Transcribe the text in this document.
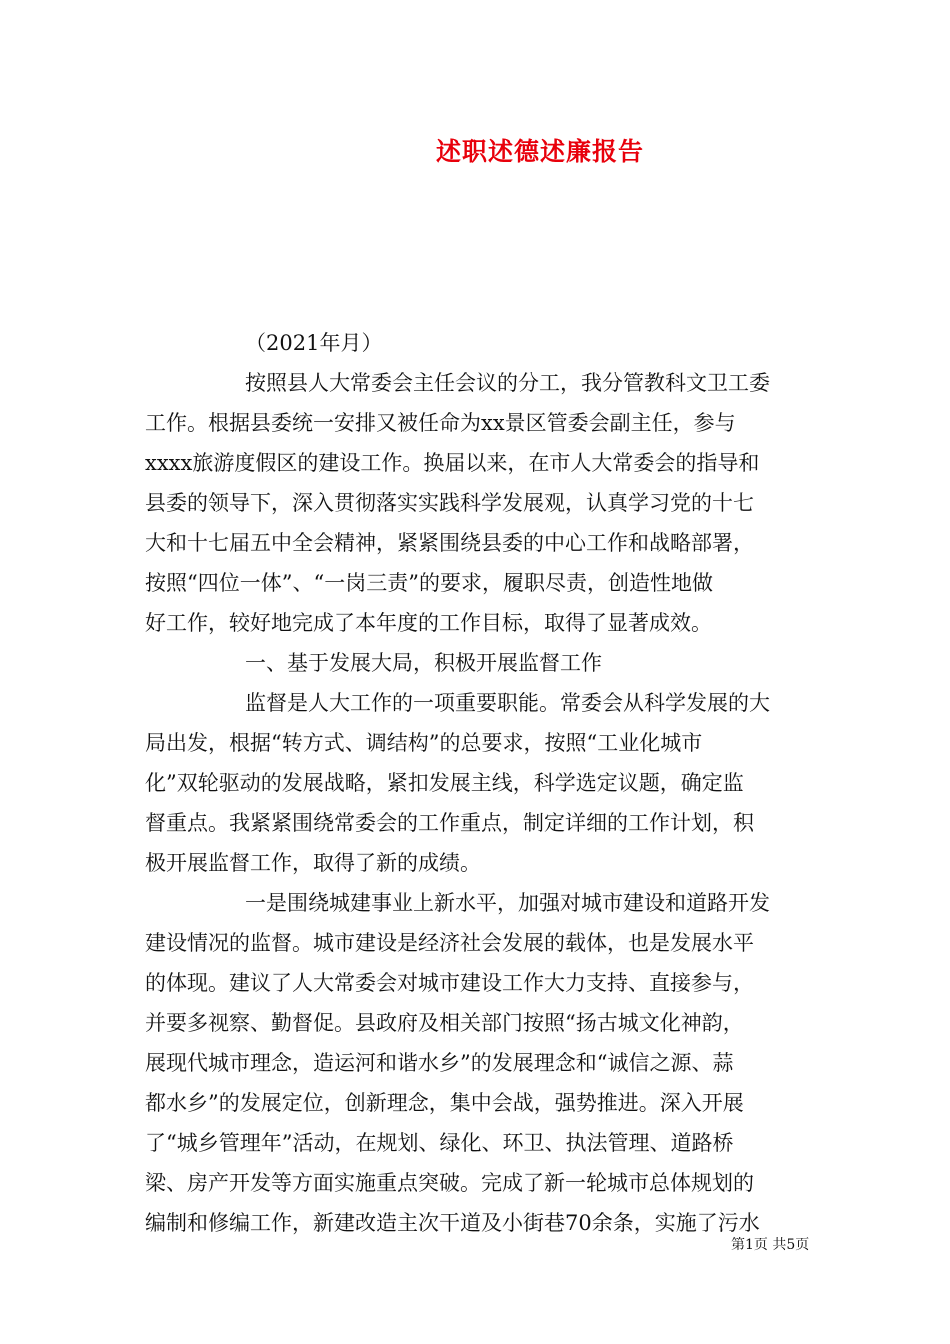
述职述德述廉报告
（2021年月）
按照县人大常委会主任会议的分工，我分管教科文卫工委
工作。根据县委统一安排又被任命为xx景区管委会副主任，参与
xxxx旅游度假区的建设工作。换届以来，在市人大常委会的指导和
县委的领导下，深入贯彻落实实践科学发展观，认真学习党的十七
大和十七届五中全会精神，紧紧围绕县委的中心工作和战略部署，
按照“四位一体”、“一岗三责”的要求，履职尽责，创造性地做
好工作，较好地完成了本年度的工作目标，取得了显著成效。
一、基于发展大局，积极开展监督工作
监督是人大工作的一项重要职能。常委会从科学发展的大
局出发，根据“转方式、调结构”的总要求，按照“工业化城市
化”双轮驱动的发展战略，紧扣发展主线，科学选定议题，确定监
督重点。我紧紧围绕常委会的工作重点，制定详细的工作计划，积
极开展监督工作，取得了新的成绩。
一是围绕城建事业上新水平，加强对城市建设和道路开发
建设情况的监督。城市建设是经济社会发展的载体，也是发展水平
的体现。建议了人大常委会对城市建设工作大力支持、直接参与，
并要多视察、勤督促。县政府及相关部门按照“扬古城文化神韵，
展现代城市理念，造运河和谐水乡”的发展理念和“诚信之源、蒜
都水乡”的发展定位，创新理念，集中会战，强势推进。深入开展
了“城乡管理年”活动，在规划、绿化、环卫、执法管理、道路桥
梁、房产开发等方面实施重点突破。完成了新一轮城市总体规划的
编制和修编工作，新建改造主次干道及小街巷70余条，实施了污水
第1页 共5页
